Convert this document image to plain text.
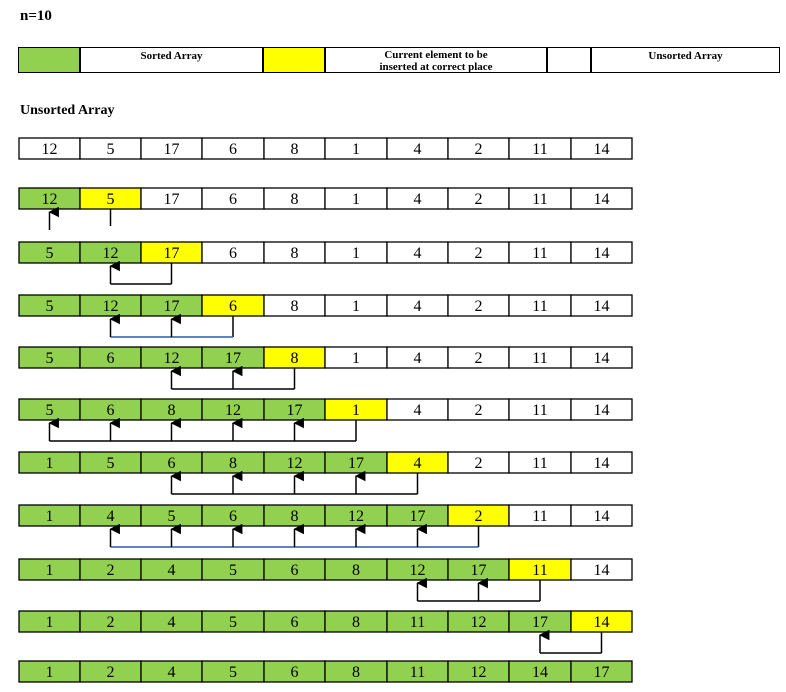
n=10
Sorted Array	Current element to be
inserted at correct place
Unsorted Array
Unsorted Array
12	5	17	6	8	1	4	2	11	14
12	5	17	6	8	1	4	2	11	14
5	12	17	6	8	1	4	2	11	14
5	12	17	6	8	1	4	2	11	14
5	6	12	17	8	1	4	2	11	14
5	6	8	12	17	1	4	2	11	14
1	5	6	8	12	17	4	2	11	14
1	4	5	6	8	12	17	2	11	14
1	2	4	5	6	8	12	17	11	14
1	2	4	5	6	8	11	12	17	14
1	2	4	5	6	8	11	12	14	17
